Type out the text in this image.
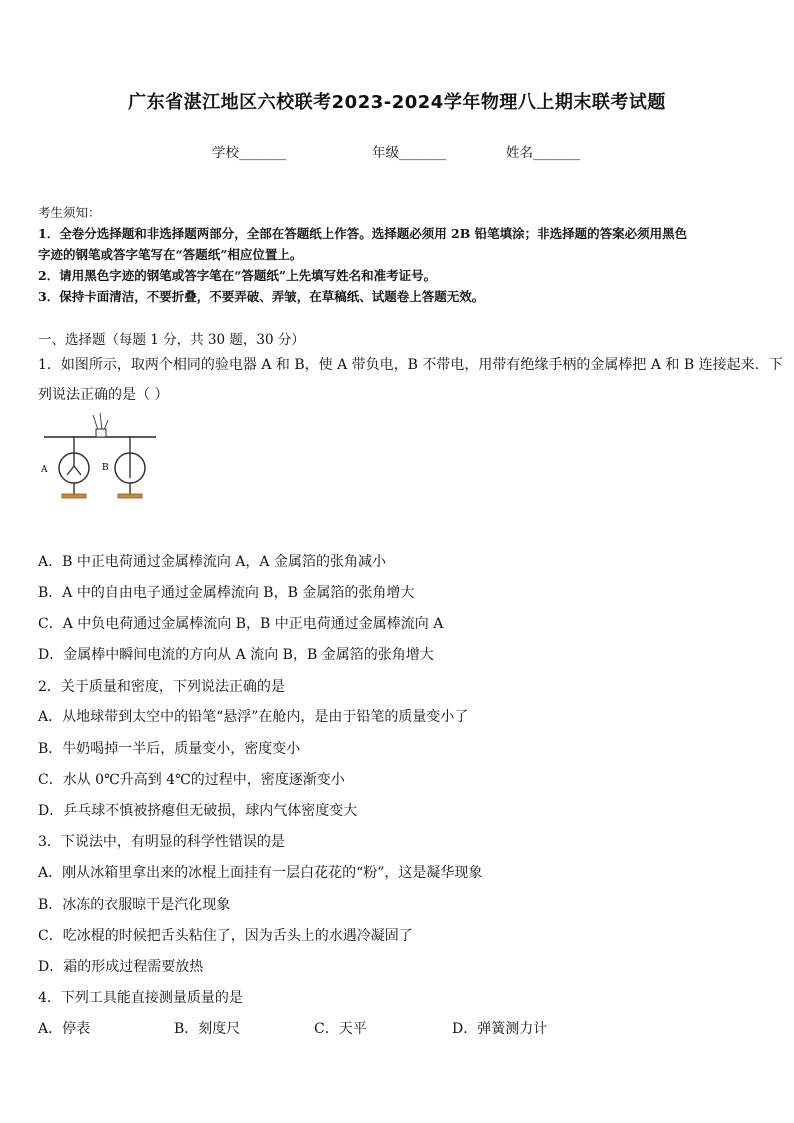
广东省湛江地区六校联考2023-2024学年物理八上期末联考试题
学校_______	年级_______	姓名_______
考生须知：
1．全卷分选择题和非选择题两部分，全部在答题纸上作答。选择题必须用 2B 铅笔填涂；非选择题的答案必须用黑色
字迹的钢笔或答字笔写在“答题纸”相应位置上。
2．请用黑色字迹的钢笔或答字笔在“答题纸”上先填写姓名和准考证号。
3．保持卡面清洁，不要折叠，不要弄破、弄皱，在草稿纸、试题卷上答题无效。
一、选择题（每题 1 分，共 30 题，30 分）
1．如图所示，取两个相同的验电器 A 和 B，使 A 带负电，B 不带电，用带有绝缘手柄的金属棒把 A 和 B 连接起来．下
列说法正确的是（ ）
A	B
A．B 中正电荷通过金属棒流向 A，A 金属箔的张角减小
B．A 中的自由电子通过金属棒流向 B，B 金属箔的张角增大
C．A 中负电荷通过金属棒流向 B，B 中正电荷通过金属棒流向 A
D．金属棒中瞬间电流的方向从 A 流向 B，B 金属箔的张角增大
2．关于质量和密度，下列说法正确的是
A．从地球带到太空中的铅笔“悬浮”在舱内，是由于铅笔的质量变小了
B．牛奶喝掉一半后，质量变小，密度变小
C．水从 0℃升高到 4℃的过程中，密度逐渐变小
D．乒乓球不慎被挤瘪但无破损，球内气体密度变大
3．下说法中，有明显的科学性错误的是
A．刚从冰箱里拿出来的冰棍上面挂有一层白花花的“粉”，这是凝华现象
B．冰冻的衣服晾干是汽化现象
C．吃冰棍的时候把舌头粘住了，因为舌头上的水遇冷凝固了
D．霜的形成过程需要放热
4．下列工具能直接测量质量的是
A．停表	B．刻度尺	C．天平	D．弹簧测力计
